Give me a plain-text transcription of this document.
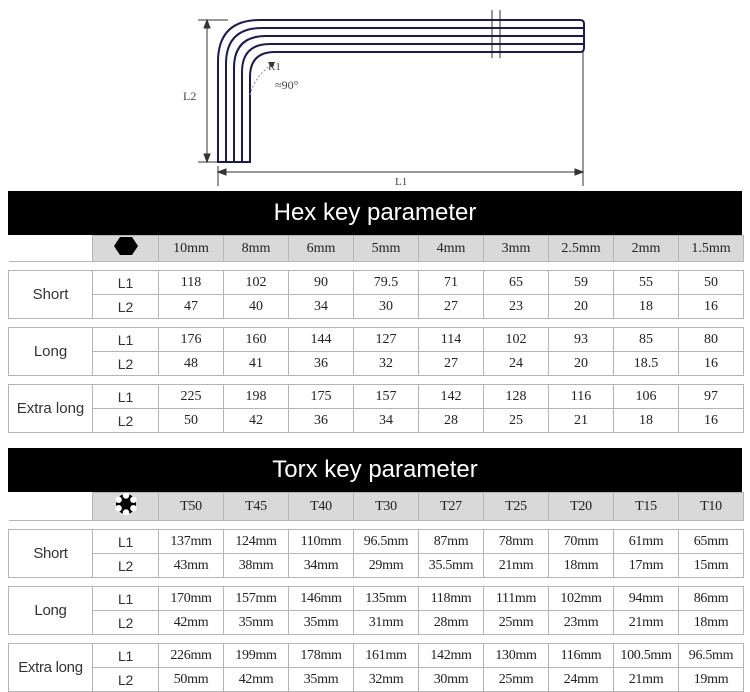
R1
≈90°
L2
L1
Hex key parameter
		10mm	8mm	6mm	5mm	4mm	3mm	2.5mm	2mm	1.5mm

Short	L1	118	102	90	79.5	71	65	59	55	50
	L2	47	40	34	30	27	23	20	18	16

Long	L1	176	160	144	127	114	102	93	85	80
	L2	48	41	36	32	27	24	20	18.5	16

Extra long	L1	225	198	175	157	142	128	116	106	97
	L2	50	42	36	34	28	25	21	18	16
Torx key parameter
		T50	T45	T40	T30	T27	T25	T20	T15	T10

Short	L1	137mm	124mm	110mm	96.5mm	87mm	78mm	70mm	61mm	65mm
	L2	43mm	38mm	34mm	29mm	35.5mm	21mm	18mm	17mm	15mm

Long	L1	170mm	157mm	146mm	135mm	118mm	111mm	102mm	94mm	86mm
	L2	42mm	35mm	35mm	31mm	28mm	25mm	23mm	21mm	18mm

Extra long	L1	226mm	199mm	178mm	161mm	142mm	130mm	116mm	100.5mm	96.5mm
	L2	50mm	42mm	35mm	32mm	30mm	25mm	24mm	21mm	19mm
